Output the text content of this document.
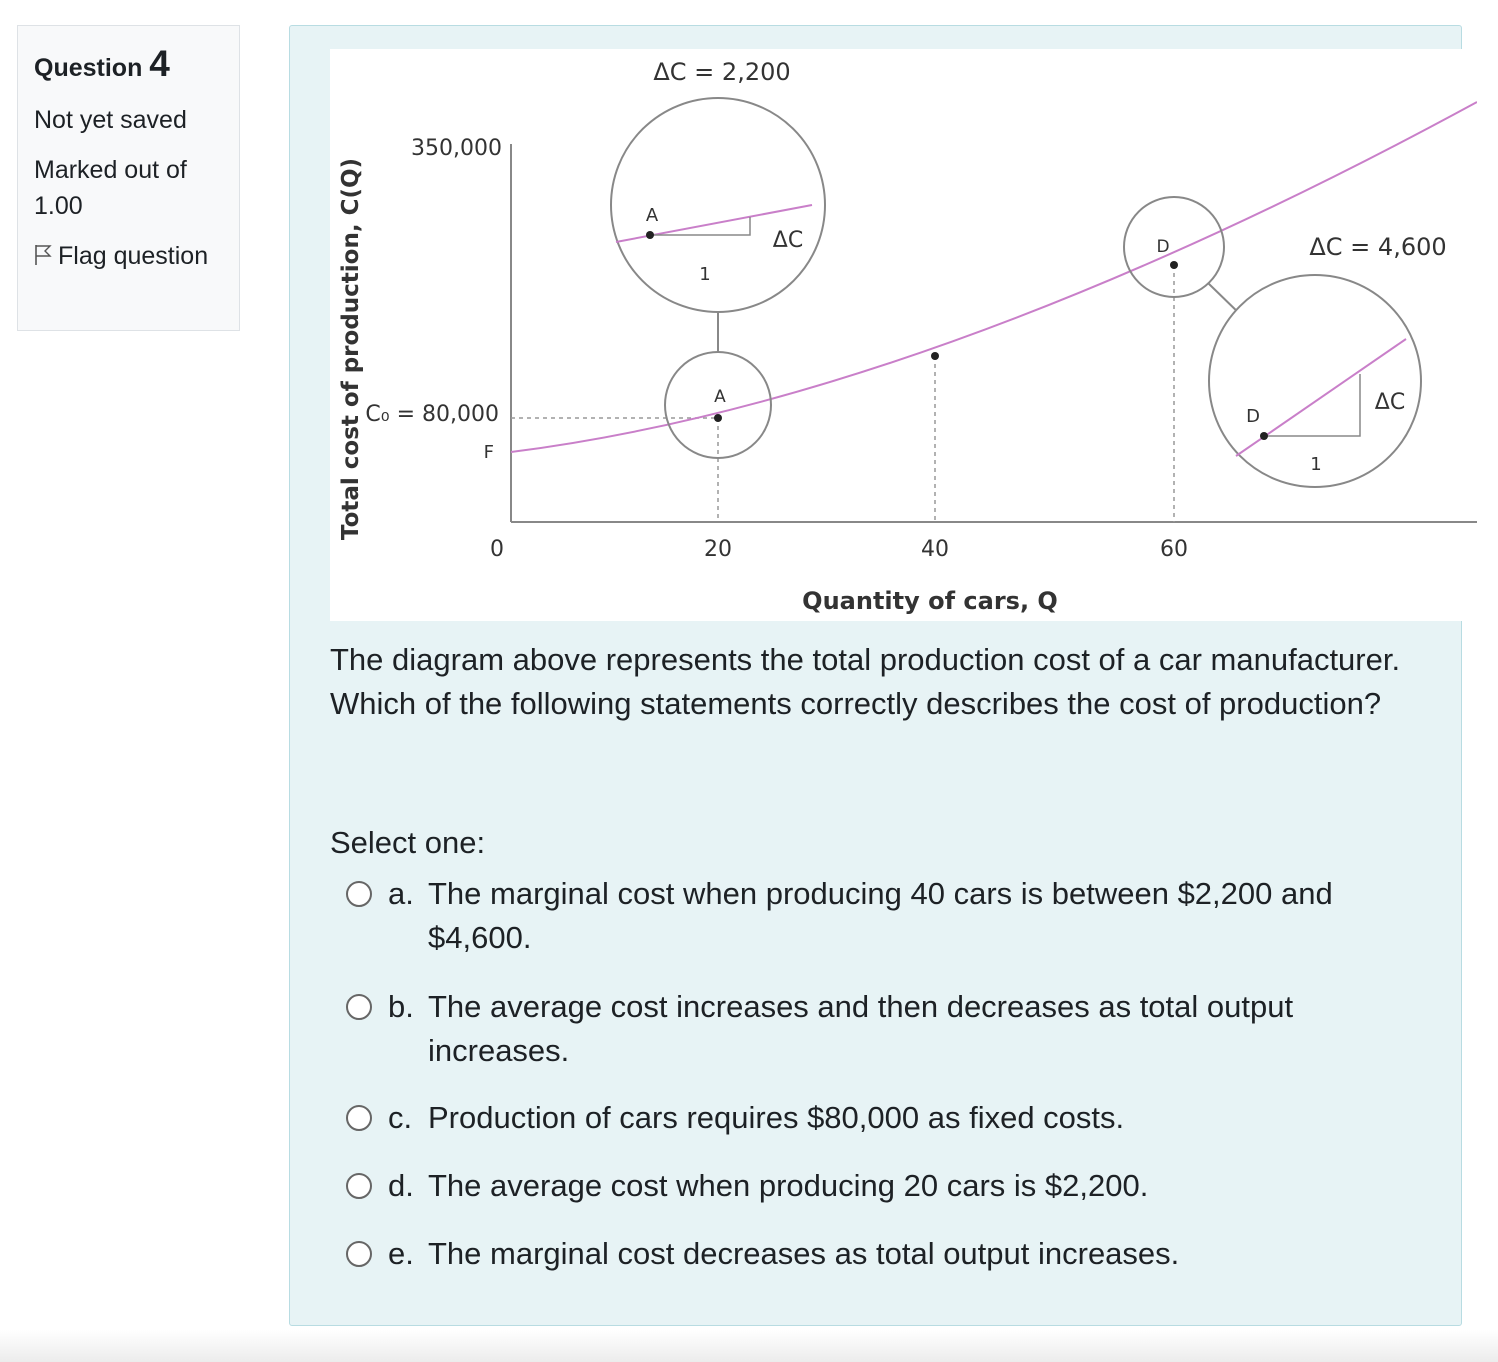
Question 4
Not yet saved
Marked out of 1.00
Flag question
ΔC = 2,200
350,000
C₀ = 80,000
F
0	20	40	60
Quantity of cars, Q
Total cost of production, C(Q)	A
ΔC
1
A
D	ΔC = 4,600
D
ΔC
1
The diagram above represents the total production cost of a car manufacturer. Which of the following statements correctly describes the cost of production?
Select one:
a. The marginal cost when producing 40 cars is between $2,200 and $4,600.
b. The average cost increases and then decreases as total output increases.
c. Production of cars requires $80,000 as fixed costs.
d. The average cost when producing 20 cars is $2,200.
e. The marginal cost decreases as total output increases.
